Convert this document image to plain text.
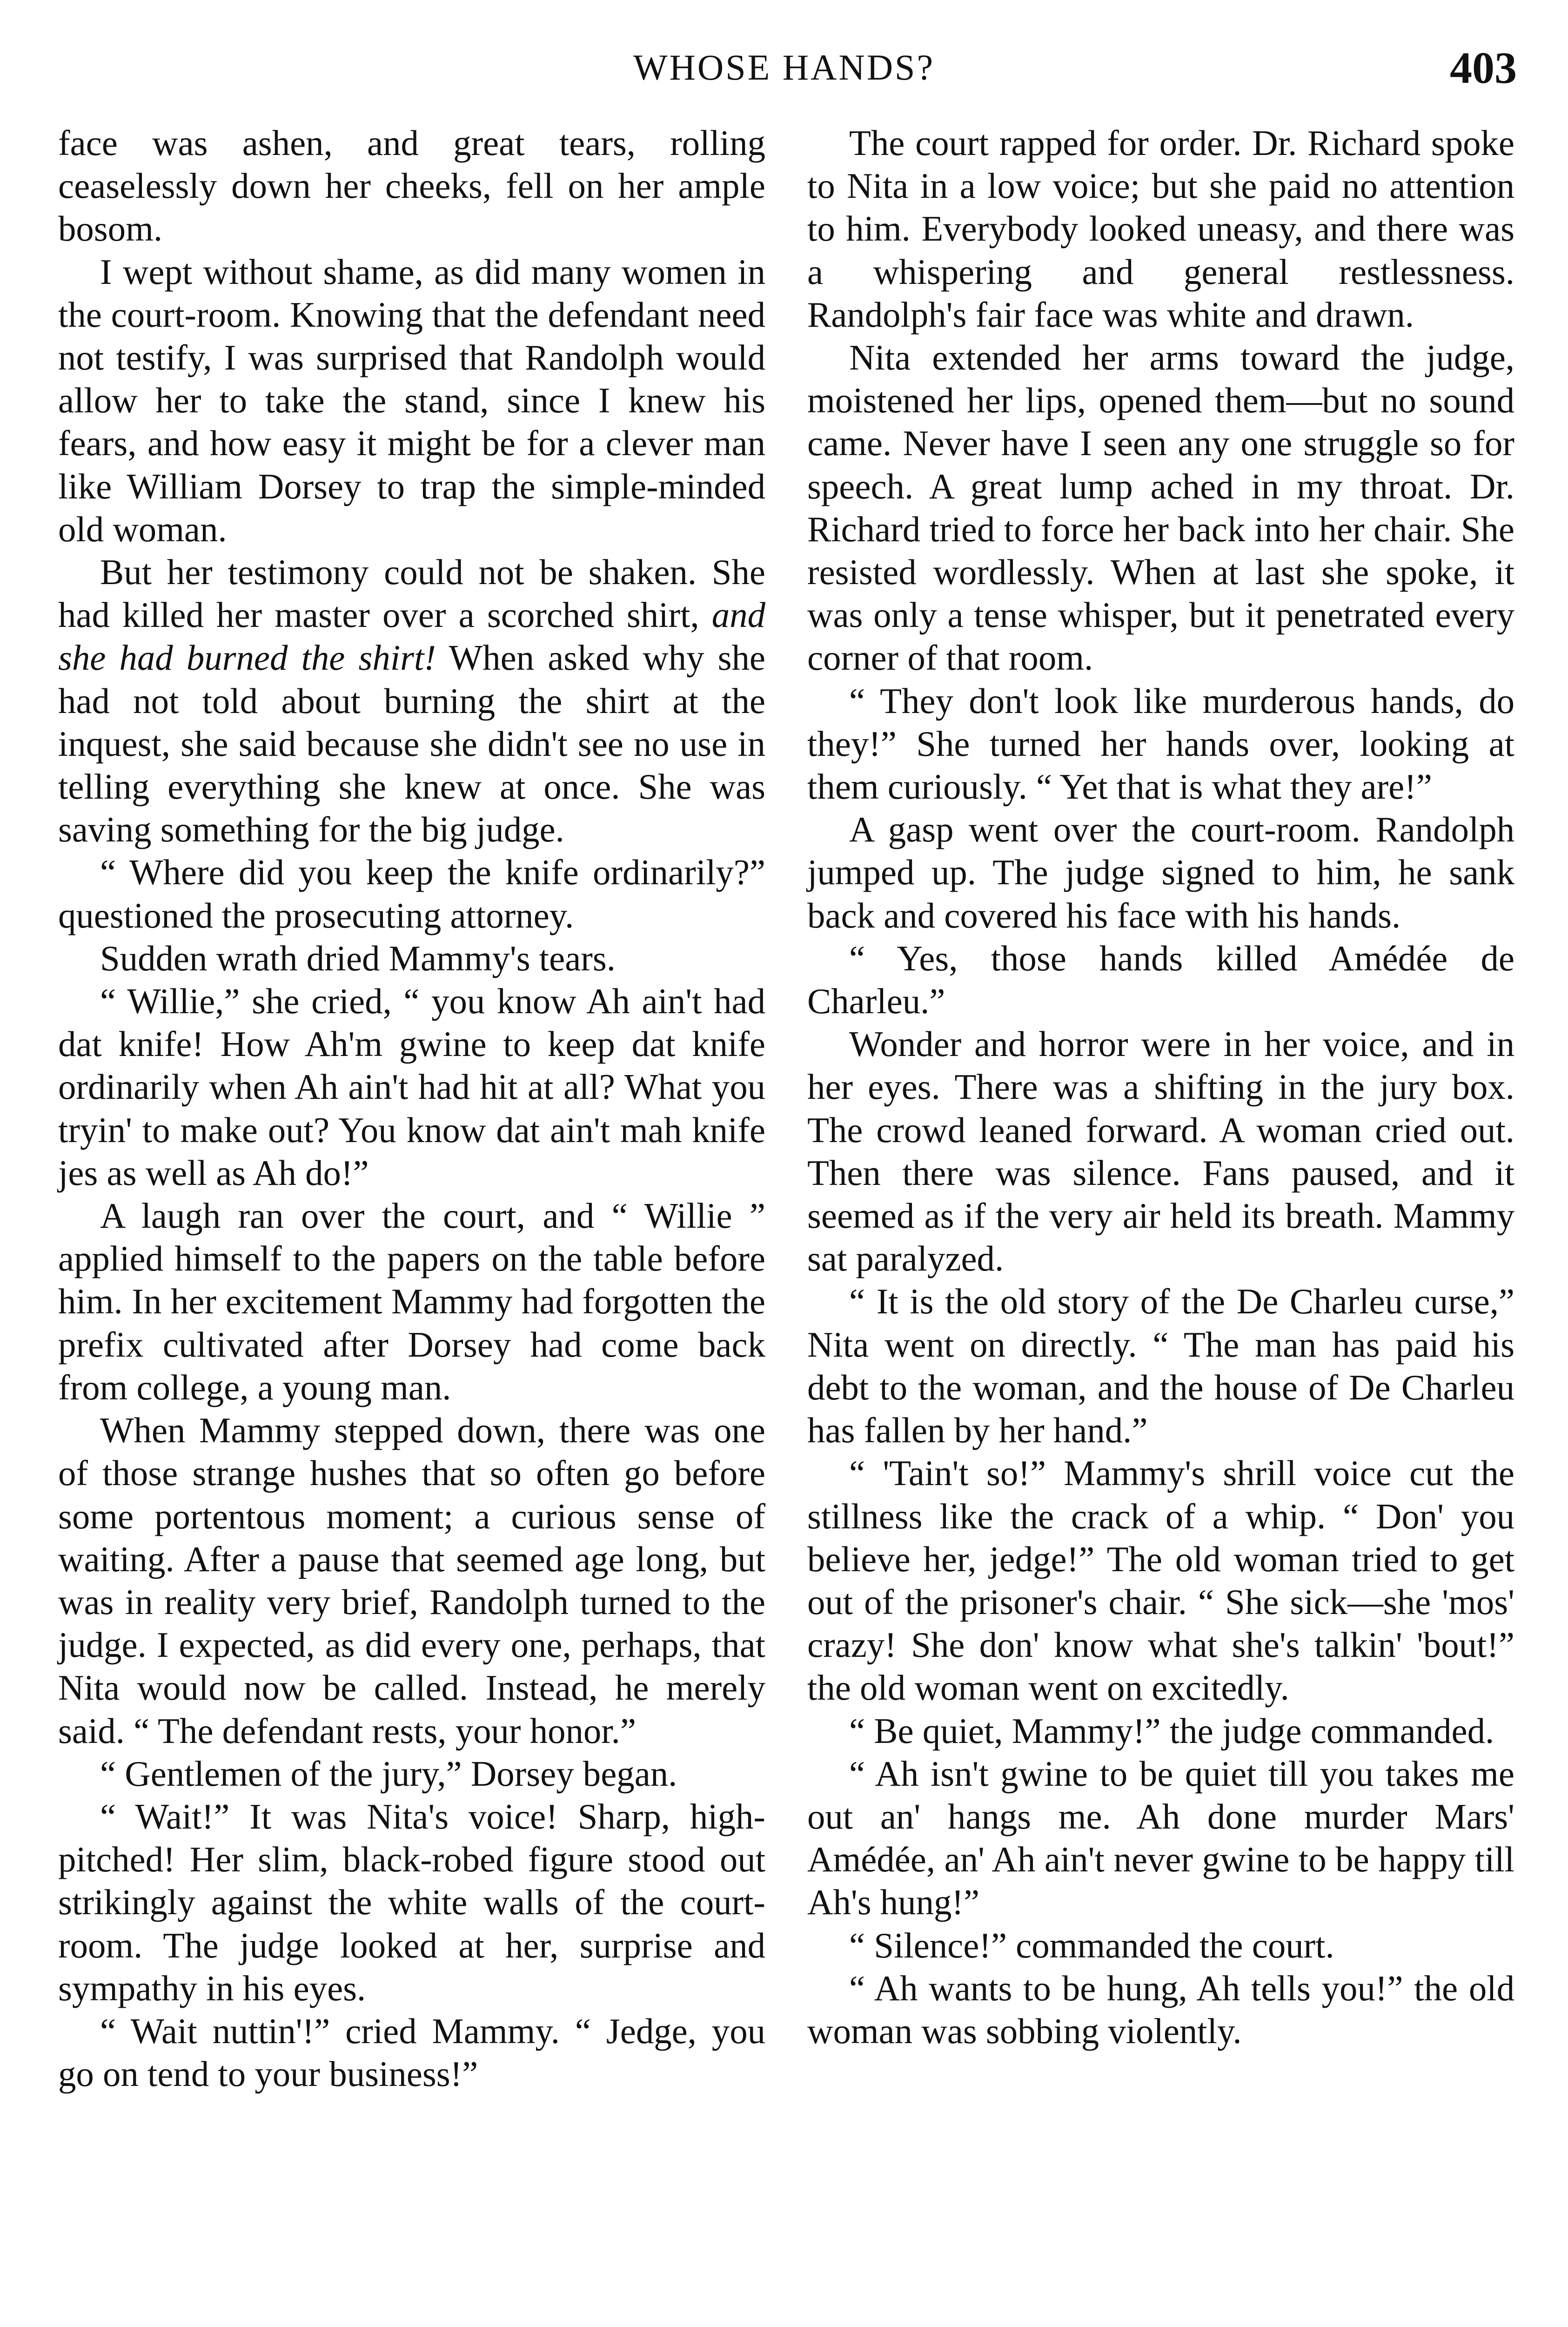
WHOSE HANDS?	403

face was ashen, and great tears, rolling ceaselessly down her cheeks, fell on her ample bosom.

I wept without shame, as did many women in the court-room. Knowing that the defendant need not testify, I was surprised that Randolph would allow her to take the stand, since I knew his fears, and how easy it might be for a clever man like William Dorsey to trap the simple-minded old woman.

But her testimony could not be shaken. She had killed her master over a scorched shirt, and she had burned the shirt! When asked why she had not told about burning the shirt at the inquest, she said because she didn't see no use in telling everything she knew at once. She was saving something for the big judge.

“ Where did you keep the knife ordinarily?” questioned the prosecuting attorney.

Sudden wrath dried Mammy's tears.

“ Willie,” she cried, “ you know Ah ain't had dat knife! How Ah'm gwine to keep dat knife ordinarily when Ah ain't had hit at all? What you tryin' to make out? You know dat ain't mah knife jes as well as Ah do!”

A laugh ran over the court, and “ Willie ” applied himself to the papers on the table before him. In her excitement Mammy had forgotten the prefix cultivated after Dorsey had come back from college, a young man.

When Mammy stepped down, there was one of those strange hushes that so often go before some portentous moment; a curious sense of waiting. After a pause that seemed age long, but was in reality very brief, Randolph turned to the judge. I expected, as did every one, perhaps, that Nita would now be called. Instead, he merely said. “ The defendant rests, your honor.”

“ Gentlemen of the jury,” Dorsey began.

“ Wait!” It was Nita's voice! Sharp, high-pitched! Her slim, black-robed figure stood out strikingly against the white walls of the court-room. The judge looked at her, surprise and sympathy in his eyes.

“ Wait nuttin'!” cried Mammy. “ Jedge, you go on tend to your business!”

The court rapped for order. Dr. Richard spoke to Nita in a low voice; but she paid no attention to him. Everybody looked uneasy, and there was a whispering and general restlessness. Randolph's fair face was white and drawn.

Nita extended her arms toward the judge, moistened her lips, opened them—but no sound came. Never have I seen any one struggle so for speech. A great lump ached in my throat. Dr. Richard tried to force her back into her chair. She resisted wordlessly. When at last she spoke, it was only a tense whisper, but it penetrated every corner of that room.

“ They don't look like murderous hands, do they!” She turned her hands over, looking at them curiously. “ Yet that is what they are!”

A gasp went over the court-room. Randolph jumped up. The judge signed to him, he sank back and covered his face with his hands.

“ Yes, those hands killed Amédée de Charleu.”

Wonder and horror were in her voice, and in her eyes. There was a shifting in the jury box. The crowd leaned forward. A woman cried out. Then there was silence. Fans paused, and it seemed as if the very air held its breath. Mammy sat paralyzed.

“ It is the old story of the De Charleu curse,” Nita went on directly. “ The man has paid his debt to the woman, and the house of De Charleu has fallen by her hand.”

“ 'Tain't so!” Mammy's shrill voice cut the stillness like the crack of a whip. “ Don' you believe her, jedge!” The old woman tried to get out of the prisoner's chair. “ She sick—she 'mos' crazy! She don' know what she's talkin' 'bout!” the old woman went on excitedly.

“ Be quiet, Mammy!” the judge commanded.

“ Ah isn't gwine to be quiet till you takes me out an' hangs me. Ah done murder Mars' Amédée, an' Ah ain't never gwine to be happy till Ah's hung!”

“ Silence!” commanded the court.

“ Ah wants to be hung, Ah tells you!” the old woman was sobbing violently.
